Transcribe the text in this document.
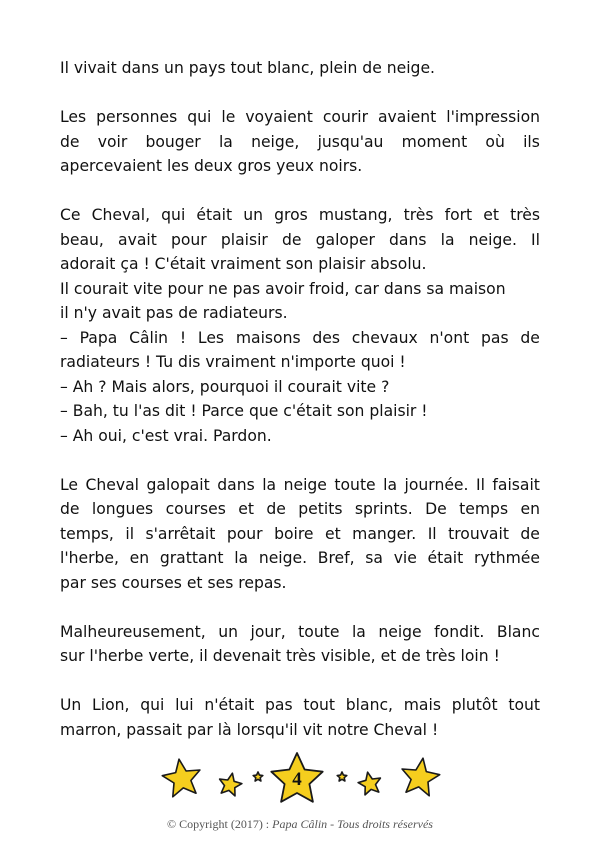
Il vivait dans un pays tout blanc, plein de neige.
Les personnes qui le voyaient courir avaient l'impression
de voir bouger la neige, jusqu'au moment où ils
apercevaient les deux gros yeux noirs.
Ce Cheval, qui était un gros mustang, très fort et très
beau, avait pour plaisir de galoper dans la neige. Il
adorait ça ! C'était vraiment son plaisir absolu.
Il courait vite pour ne pas avoir froid, car dans sa maison
il n'y avait pas de radiateurs.
– Papa Câlin ! Les maisons des chevaux n'ont pas de
radiateurs ! Tu dis vraiment n'importe quoi !
– Ah ? Mais alors, pourquoi il courait vite ?
– Bah, tu l'as dit ! Parce que c'était son plaisir !
– Ah oui, c'est vrai. Pardon.
Le Cheval galopait dans la neige toute la journée. Il faisait
de longues courses et de petits sprints. De temps en
temps, il s'arrêtait pour boire et manger. Il trouvait de
l'herbe, en grattant la neige. Bref, sa vie était rythmée
par ses courses et ses repas.
Malheureusement, un jour, toute la neige fondit. Blanc
sur l'herbe verte, il devenait très visible, et de très loin !
Un Lion, qui lui n'était pas tout blanc, mais plutôt tout
marron, passait par là lorsqu'il vit notre Cheval !
4
© Copyright (2017) : Papa Câlin - Tous droits réservés
